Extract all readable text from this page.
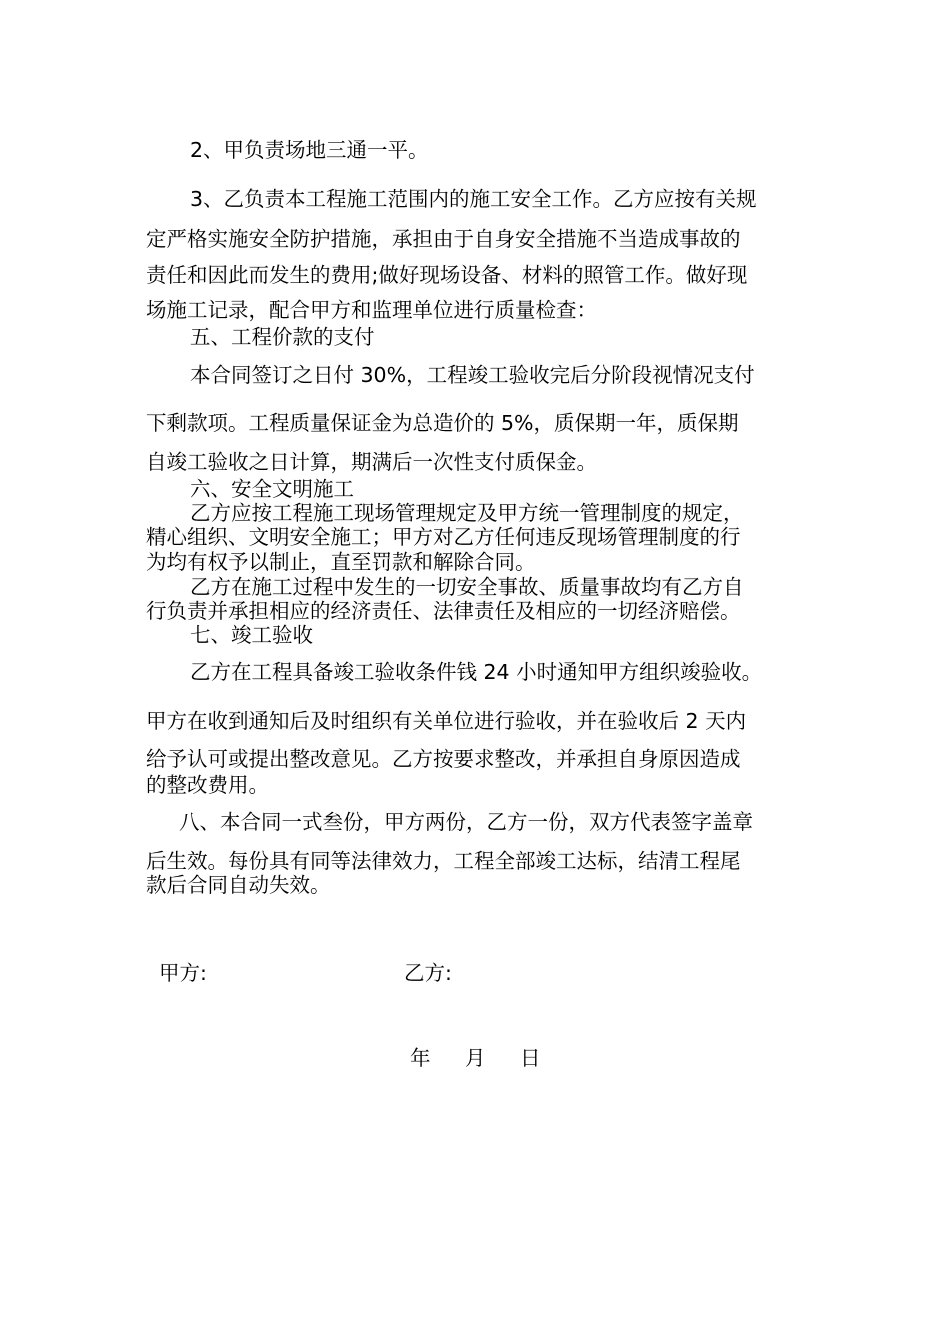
2、甲负责场地三通一平。

3、乙负责本工程施工范围内的施工安全工作。乙方应按有关规

定严格实施安全防护措施，承担由于自身安全措施不当造成事故的

责任和因此而发生的费用;做好现场设备、材料的照管工作。做好现

场施工记录，配合甲方和监理单位进行质量检查：

五、工程价款的支付

本合同签订之日付 30%，工程竣工验收完后分阶段视情况支付

下剩款项。工程质量保证金为总造价的 5%，质保期一年，质保期

自竣工验收之日计算，期满后一次性支付质保金。

六、安全文明施工

乙方应按工程施工现场管理规定及甲方统一管理制度的规定，

精心组织、文明安全施工；甲方对乙方任何违反现场管理制度的行

为均有权予以制止，直至罚款和解除合同。

乙方在施工过程中发生的一切安全事故、质量事故均有乙方自

行负责并承担相应的经济责任、法律责任及相应的一切经济赔偿。

七、竣工验收

乙方在工程具备竣工验收条件钱 24 小时通知甲方组织竣验收。

甲方在收到通知后及时组织有关单位进行验收，并在验收后 2 天内

给予认可或提出整改意见。乙方按要求整改，并承担自身原因造成

的整改费用。

八、本合同一式叁份，甲方两份，乙方一份，双方代表签字盖章

后生效。每份具有同等法律效力，工程全部竣工达标，结清工程尾

款后合同自动失效。

甲方:	乙方:
年 月 日
